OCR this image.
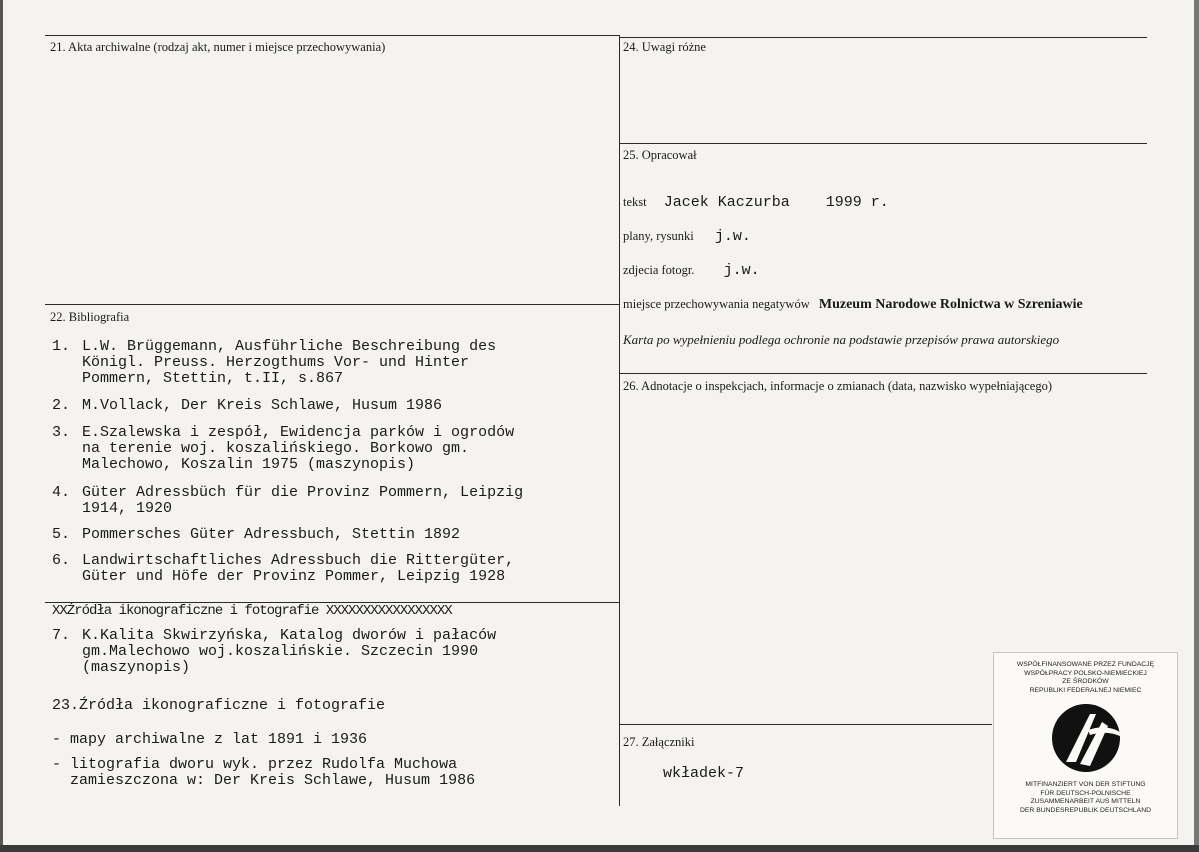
21. Akta archiwalne (rodzaj akt, numer i miejsce przechowywania)
22. Bibliografia
24. Uwagi różne
25. Opracował
26. Adnotacje o inspekcjach, informacje o zmianach (data, nazwisko wypełniającego)
27. Załączniki
1. L.W. Brüggemann, Ausführliche Beschreibung des
Königl. Preuss. Herzogthums Vor- und Hinter
Pommern, Stettin, t.II, s.867
2. M.Vollack, Der Kreis Schlawe, Husum 1986
3. E.Szalewska i zespół, Ewidencja parków i ogrodów
na terenie woj. koszalińskiego. Borkowo gm.
Malechowo, Koszalin 1975 (maszynopis)
4. Güter Adressbüch für die Provinz Pommern, Leipzig
1914, 1920
5. Pommersches Güter Adressbuch, Stettin 1892
6. Landwirtschaftliches Adressbuch die Rittergüter,
Güter und Höfe der Provinz Pommer, Leipzig 1928
XXŹródła ikonograficzne i fotografie XXXXXXXXXXXXXXXXX
7. K.Kalita Skwirzyńska, Katalog dworów i pałaców
gm.Malechowo woj.koszalińskie. Szczecin 1990
(maszynopis)
23.Źródła ikonograficzne i fotografie
- mapy archiwalne z lat 1891 i 1936
- litografia dworu wyk. przez Rudolfa Muchowa
zamieszczona w: Der Kreis Schlawe, Husum 1986
tekst Jacek Kaczurba    1999 r.
plany, rysunki j.w.
zdjecia fotogr. j.w.
miejsce przechowywania negatywów Muzeum Narodowe Rolnictwa w Szreniawie
Karta po wypełnieniu podlega ochronie na podstawie przepisów prawa autorskiego
wkładek-7
WSPÓŁFINANSOWANE PRZEZ FUNDACJĘ
WSPÓŁPRACY POLSKO-NIEMIECKIEJ
ZE ŚRODKÓW
REPUBLIKI FEDERALNEJ NIEMIEC
MITFINANZIERT VON DER STIFTUNG
FÜR DEUTSCH-POLNISCHE
ZUSAMMENARBEIT AUS MITTELN
DER BUNDESREPUBLIK DEUTSCHLAND
